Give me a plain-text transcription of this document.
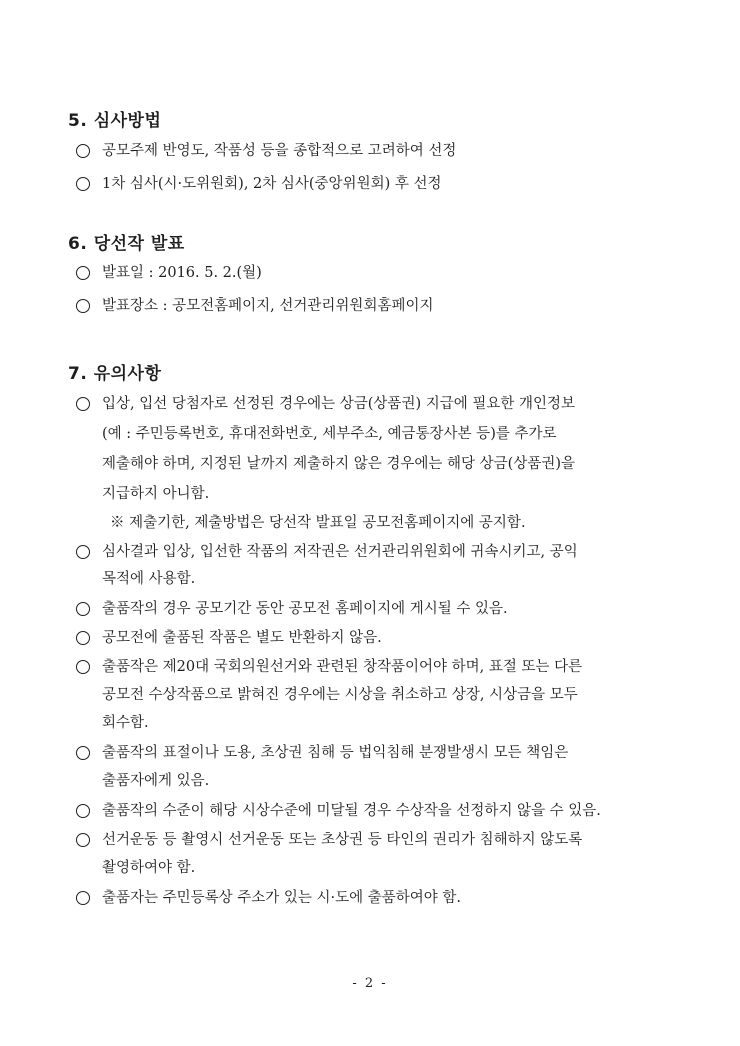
5. 심사방법
공모주제 반영도, 작품성 등을 종합적으로 고려하여 선정
1차 심사(시·도위원회), 2차 심사(중앙위원회) 후 선정
6. 당선작 발표
발표일 : 2016. 5. 2.(월)
발표장소 : 공모전홈페이지, 선거관리위원회홈페이지
7. 유의사항
입상, 입선 당첨자로 선정된 경우에는 상금(상품권) 지급에 필요한 개인정보
(예 : 주민등록번호, 휴대전화번호, 세부주소, 예금통장사본 등)를 추가로
제출해야 하며, 지정된 날까지 제출하지 않은 경우에는 해당 상금(상품권)을
지급하지 아니함.
※ 제출기한, 제출방법은 당선작 발표일 공모전홈페이지에 공지함.
심사결과 입상, 입선한 작품의 저작권은 선거관리위원회에 귀속시키고, 공익
목적에 사용함.
출품작의 경우 공모기간 동안 공모전 홈페이지에 게시될 수 있음.
공모전에 출품된 작품은 별도 반환하지 않음.
출품작은 제20대 국회의원선거와 관련된 창작품이어야 하며, 표절 또는 다른
공모전 수상작품으로 밝혀진 경우에는 시상을 취소하고 상장, 시상금을 모두
회수함.
출품작의 표절이나 도용, 초상권 침해 등 법익침해 분쟁발생시 모든 책임은
출품자에게 있음.
출품작의 수준이 해당 시상수준에 미달될 경우 수상작을 선정하지 않을 수 있음.
선거운동 등 촬영시 선거운동 또는 초상권 등 타인의 권리가 침해하지 않도록
촬영하여야 함.
출품자는 주민등록상 주소가 있는 시·도에 출품하여야 함.
- 2 -
